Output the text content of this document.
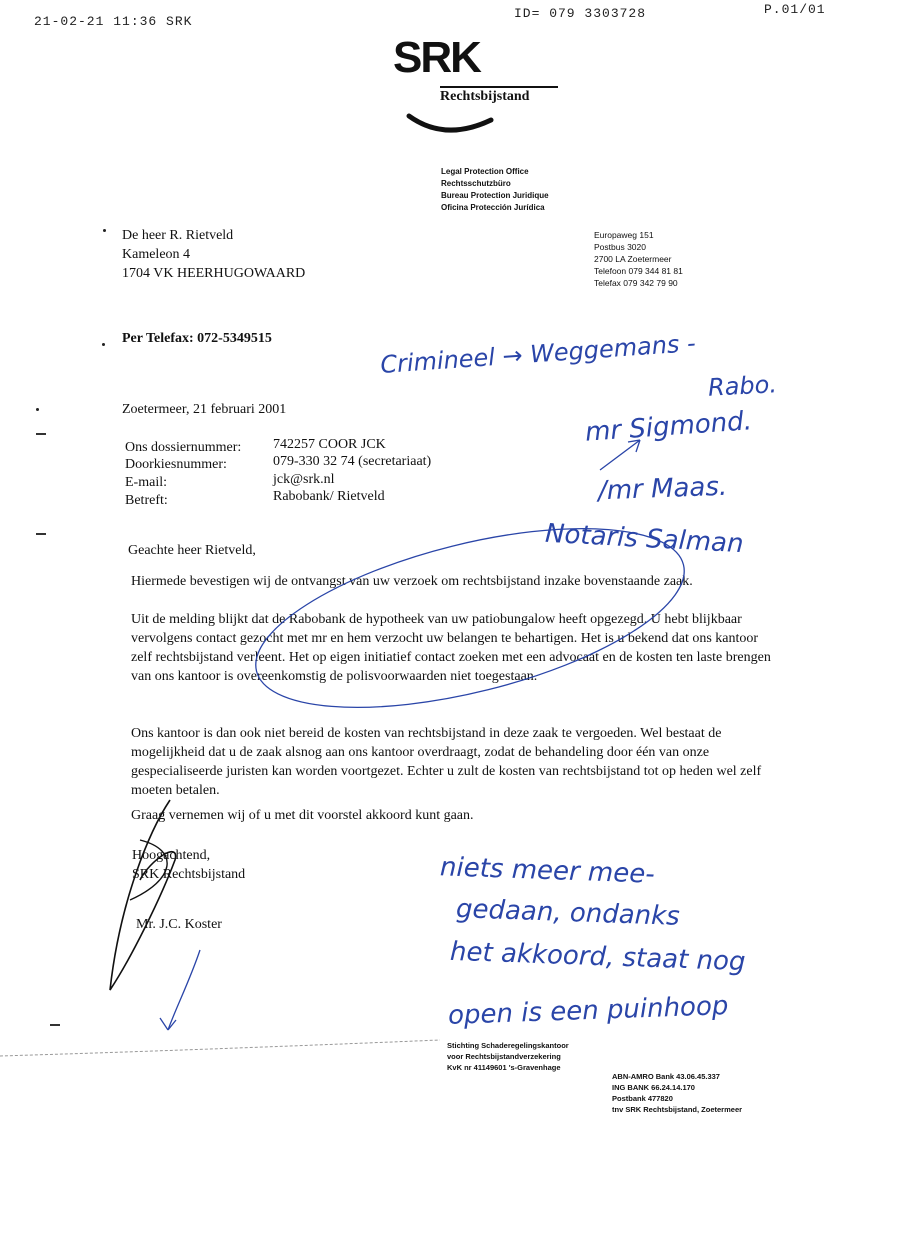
21-02-21 11:36 SRK
ID= 079 3303728	P.01/01
SRK
Rechtsbijstand
Legal Protection Office
Rechtsschutzbüro
Bureau Protection Juridique
Oficina Protección Jurídica
De heer R. Rietveld
Kameleon 4
1704 VK HEERHUGOWAARD
Europaweg 151
Postbus 3020
2700 LA Zoetermeer
Telefoon 079 344 81 81
Telefax 079 342 79 90
Per Telefax: 072-5349515
Zoetermeer, 21 februari 2001
Ons dossiernummer: 742257 COOR JCK
Doorkiesnummer:	079-330 32 74 (secretariaat)
E-mail:	jck@srk.nl
Betreft:	Rabobank/ Rietveld
Geachte heer Rietveld,
Hiermede bevestigen wij de ontvangst van uw verzoek om rechtsbijstand inzake bovenstaande zaak.
Uit de melding blijkt dat de Rabobank de hypotheek van uw patiobungalow heeft opgezegd. U hebt blijkbaar vervolgens contact gezocht met mr en hem verzocht uw belangen te behartigen. Het is u bekend dat ons kantoor zelf rechtsbijstand verleent. Het op eigen initiatief contact zoeken met een advocaat en de kosten ten laste brengen van ons kantoor is overeenkomstig de polisvoorwaarden niet toegestaan.
Ons kantoor is dan ook niet bereid de kosten van rechtsbijstand in deze zaak te vergoeden. Wel bestaat de mogelijkheid dat u de zaak alsnog aan ons kantoor overdraagt, zodat de behandeling door één van onze gespecialiseerde juristen kan worden voortgezet. Echter u zult de kosten van rechtsbijstand tot op heden wel zelf moeten betalen.
Graag vernemen wij of u met dit voorstel akkoord kunt gaan.
Hoogachtend,
SRK Rechtsbijstand
Mr. J.C. Koster
Crimineel → Weggemans -
Rabo.
mr Sigmond.
/mr Maas.
Notaris Salman
niets meer mee-
gedaan, ondanks
het akkoord, staat nog
open is een puinhoop
Stichting Schaderegelingskantoor
voor Rechtsbijstandverzekering
KvK nr 41149601 's-Gravenhage
ABN-AMRO Bank 43.06.45.337
ING BANK 66.24.14.170
Postbank 477820
tnv SRK Rechtsbijstand, Zoetermeer
